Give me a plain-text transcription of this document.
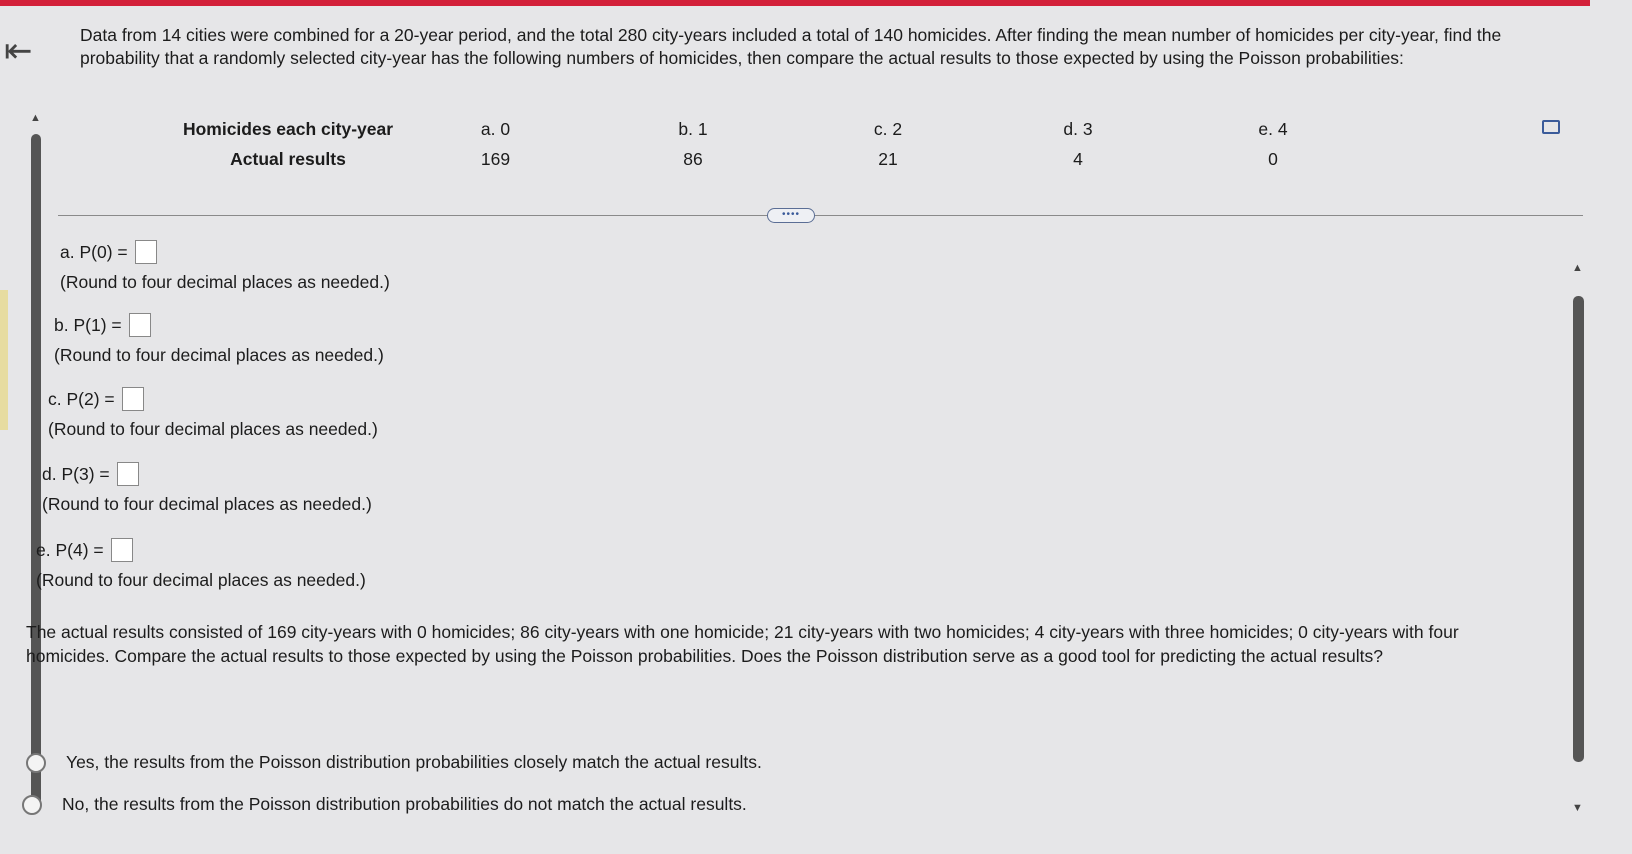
⇤	Data from 14 cities were combined for a 20-year period, and the total 280 city-years included a total of 140 homicides. After finding the mean number of homicides per city-year, find the probability that a randomly selected city-year has the following numbers of homicides, then compare the actual results to those expected by using the Poisson probabilities:
▲
Homicides each city-year	a. 0	b. 1	c. 2	d. 3	e. 4
Actual results	169	86	21	4	0
••••
a. P(0) =
(Round to four decimal places as needed.)
b. P(1) =
(Round to four decimal places as needed.)
c. P(2) =
(Round to four decimal places as needed.)
d. P(3) =
(Round to four decimal places as needed.)
e. P(4) =
(Round to four decimal places as needed.)
The actual results consisted of 169 city-years with 0 homicides; 86 city-years with one homicide; 21 city-years with two homicides; 4 city-years with three homicides; 0 city-years with four homicides. Compare the actual results to those expected by using the Poisson probabilities. Does the Poisson distribution serve as a good tool for predicting the actual results?
Yes, the results from the Poisson distribution probabilities closely match the actual results.
No, the results from the Poisson distribution probabilities do not match the actual results.
▲
▼
